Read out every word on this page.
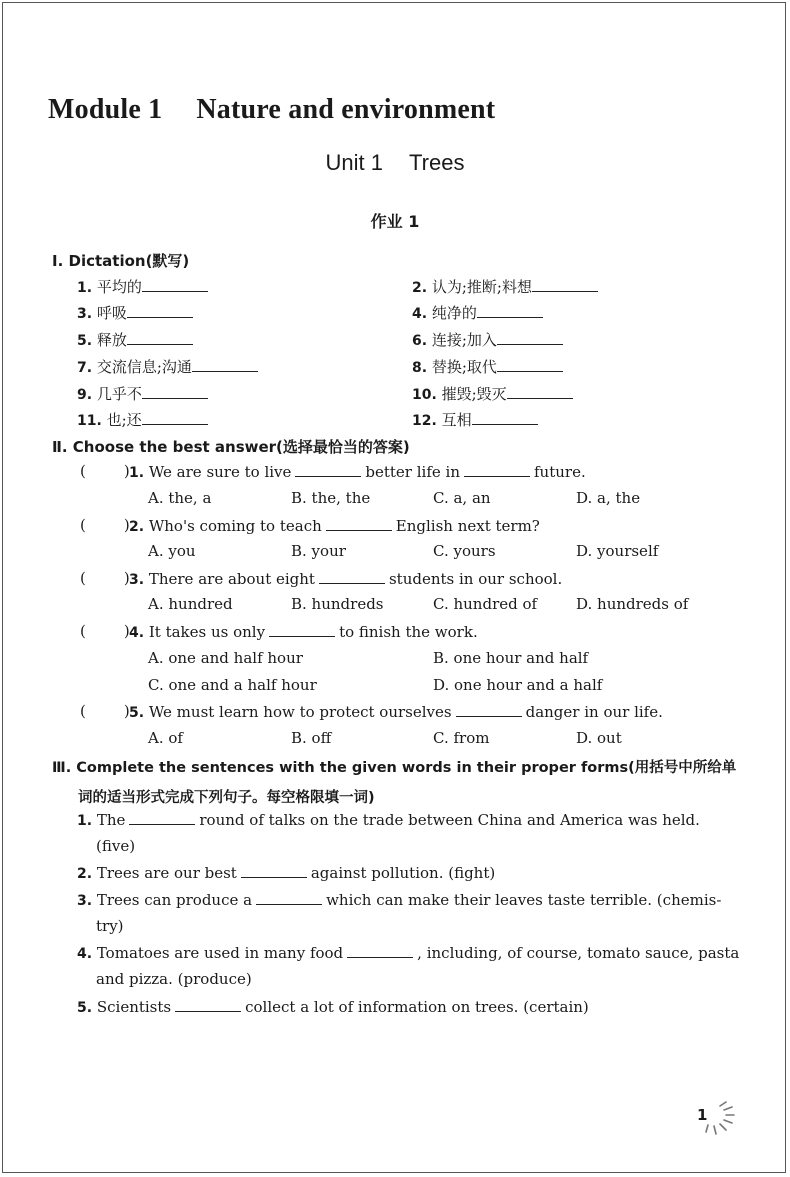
Module 1 Nature and environment
Unit 1 Trees
作业 1
Ⅰ. Dictation(默写)
1. 平均的	2. 认为;推断;料想
3. 呼吸	4. 纯净的
5. 释放	6. 连接;加入
7. 交流信息;沟通	8. 替换;取代
9. 几乎不	10. 摧毁;毁灭
11. 也;还	12. 互相
Ⅱ. Choose the best answer(选择最恰当的答案)
(	) 1. We are sure to live	better life in	future.
A. the, a	B. the, the	C. a, an	D. a, the
(	) 2. Who's coming to teach	English next term?
A. you	B. your	C. yours	D. yourself
(	) 3. There are about eight	students in our school.
A. hundred	B. hundreds	C. hundred of	D. hundreds of
(	) 4. It takes us only	to finish the work.
A. one and half hour	B. one hour and half
C. one and a half hour	D. one hour and a half
(	) 5. We must learn how to protect ourselves	danger in our life.
A. of	B. off	C. from	D. out
Ⅲ. Complete the sentences with the given words in their proper forms(用括号中所给单
词的适当形式完成下列句子。每空格限填一词)
1. The	round of talks on the trade between China and America was held.
(five)
2. Trees are our best	against pollution. (fight)
3. Trees can produce a	which can make their leaves taste terrible. (chemis-
try)
4. Tomatoes are used in many food	, including, of course, tomato sauce, pasta
and pizza. (produce)
5. Scientists	collect a lot of information on trees. (certain)
1
